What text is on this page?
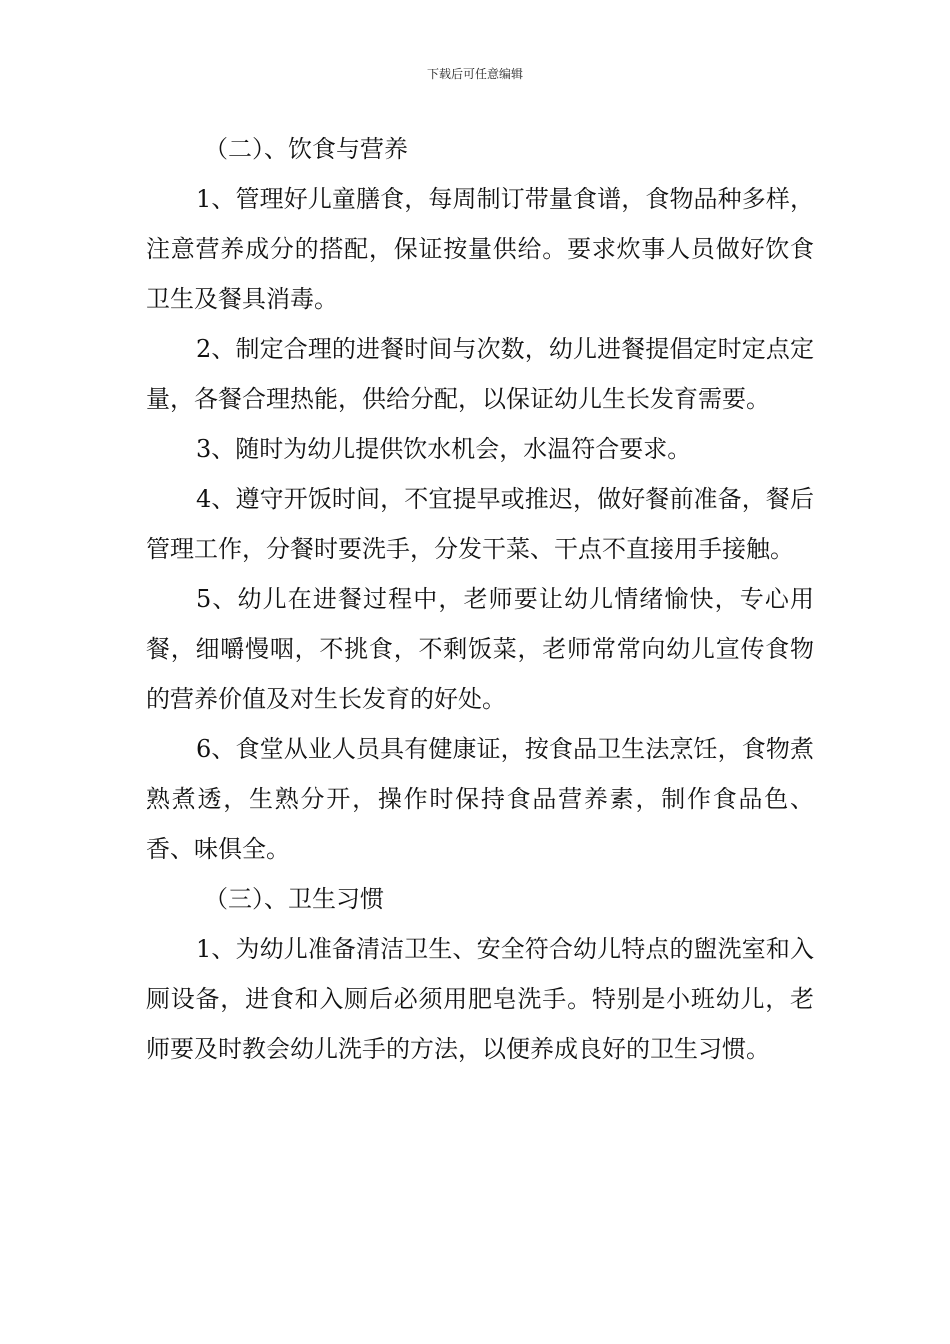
下载后可任意编辑

（二）、饮食与营养

1、管理好儿童膳食，每周制订带量食谱，食物品种多样，注意营养成分的搭配，保证按量供给。要求炊事人员做好饮食卫生及餐具消毒。

2、制定合理的进餐时间与次数，幼儿进餐提倡定时定点定量，各餐合理热能，供给分配，以保证幼儿生长发育需要。

3、随时为幼儿提供饮水机会，水温符合要求。

4、遵守开饭时间，不宜提早或推迟，做好餐前准备，餐后管理工作，分餐时要洗手，分发干菜、干点不直接用手接触。

5、幼儿在进餐过程中，老师要让幼儿情绪愉快，专心用餐，细嚼慢咽，不挑食，不剩饭菜，老师常常向幼儿宣传食物的营养价值及对生长发育的好处。

6、食堂从业人员具有健康证，按食品卫生法烹饪，食物煮熟煮透，生熟分开，操作时保持食品营养素，制作食品色、香、味俱全。

（三）、卫生习惯

1、为幼儿准备清洁卫生、安全符合幼儿特点的盥洗室和入厕设备，进食和入厕后必须用肥皂洗手。特别是小班幼儿，老师要及时教会幼儿洗手的方法，以便养成良好的卫生习惯。
